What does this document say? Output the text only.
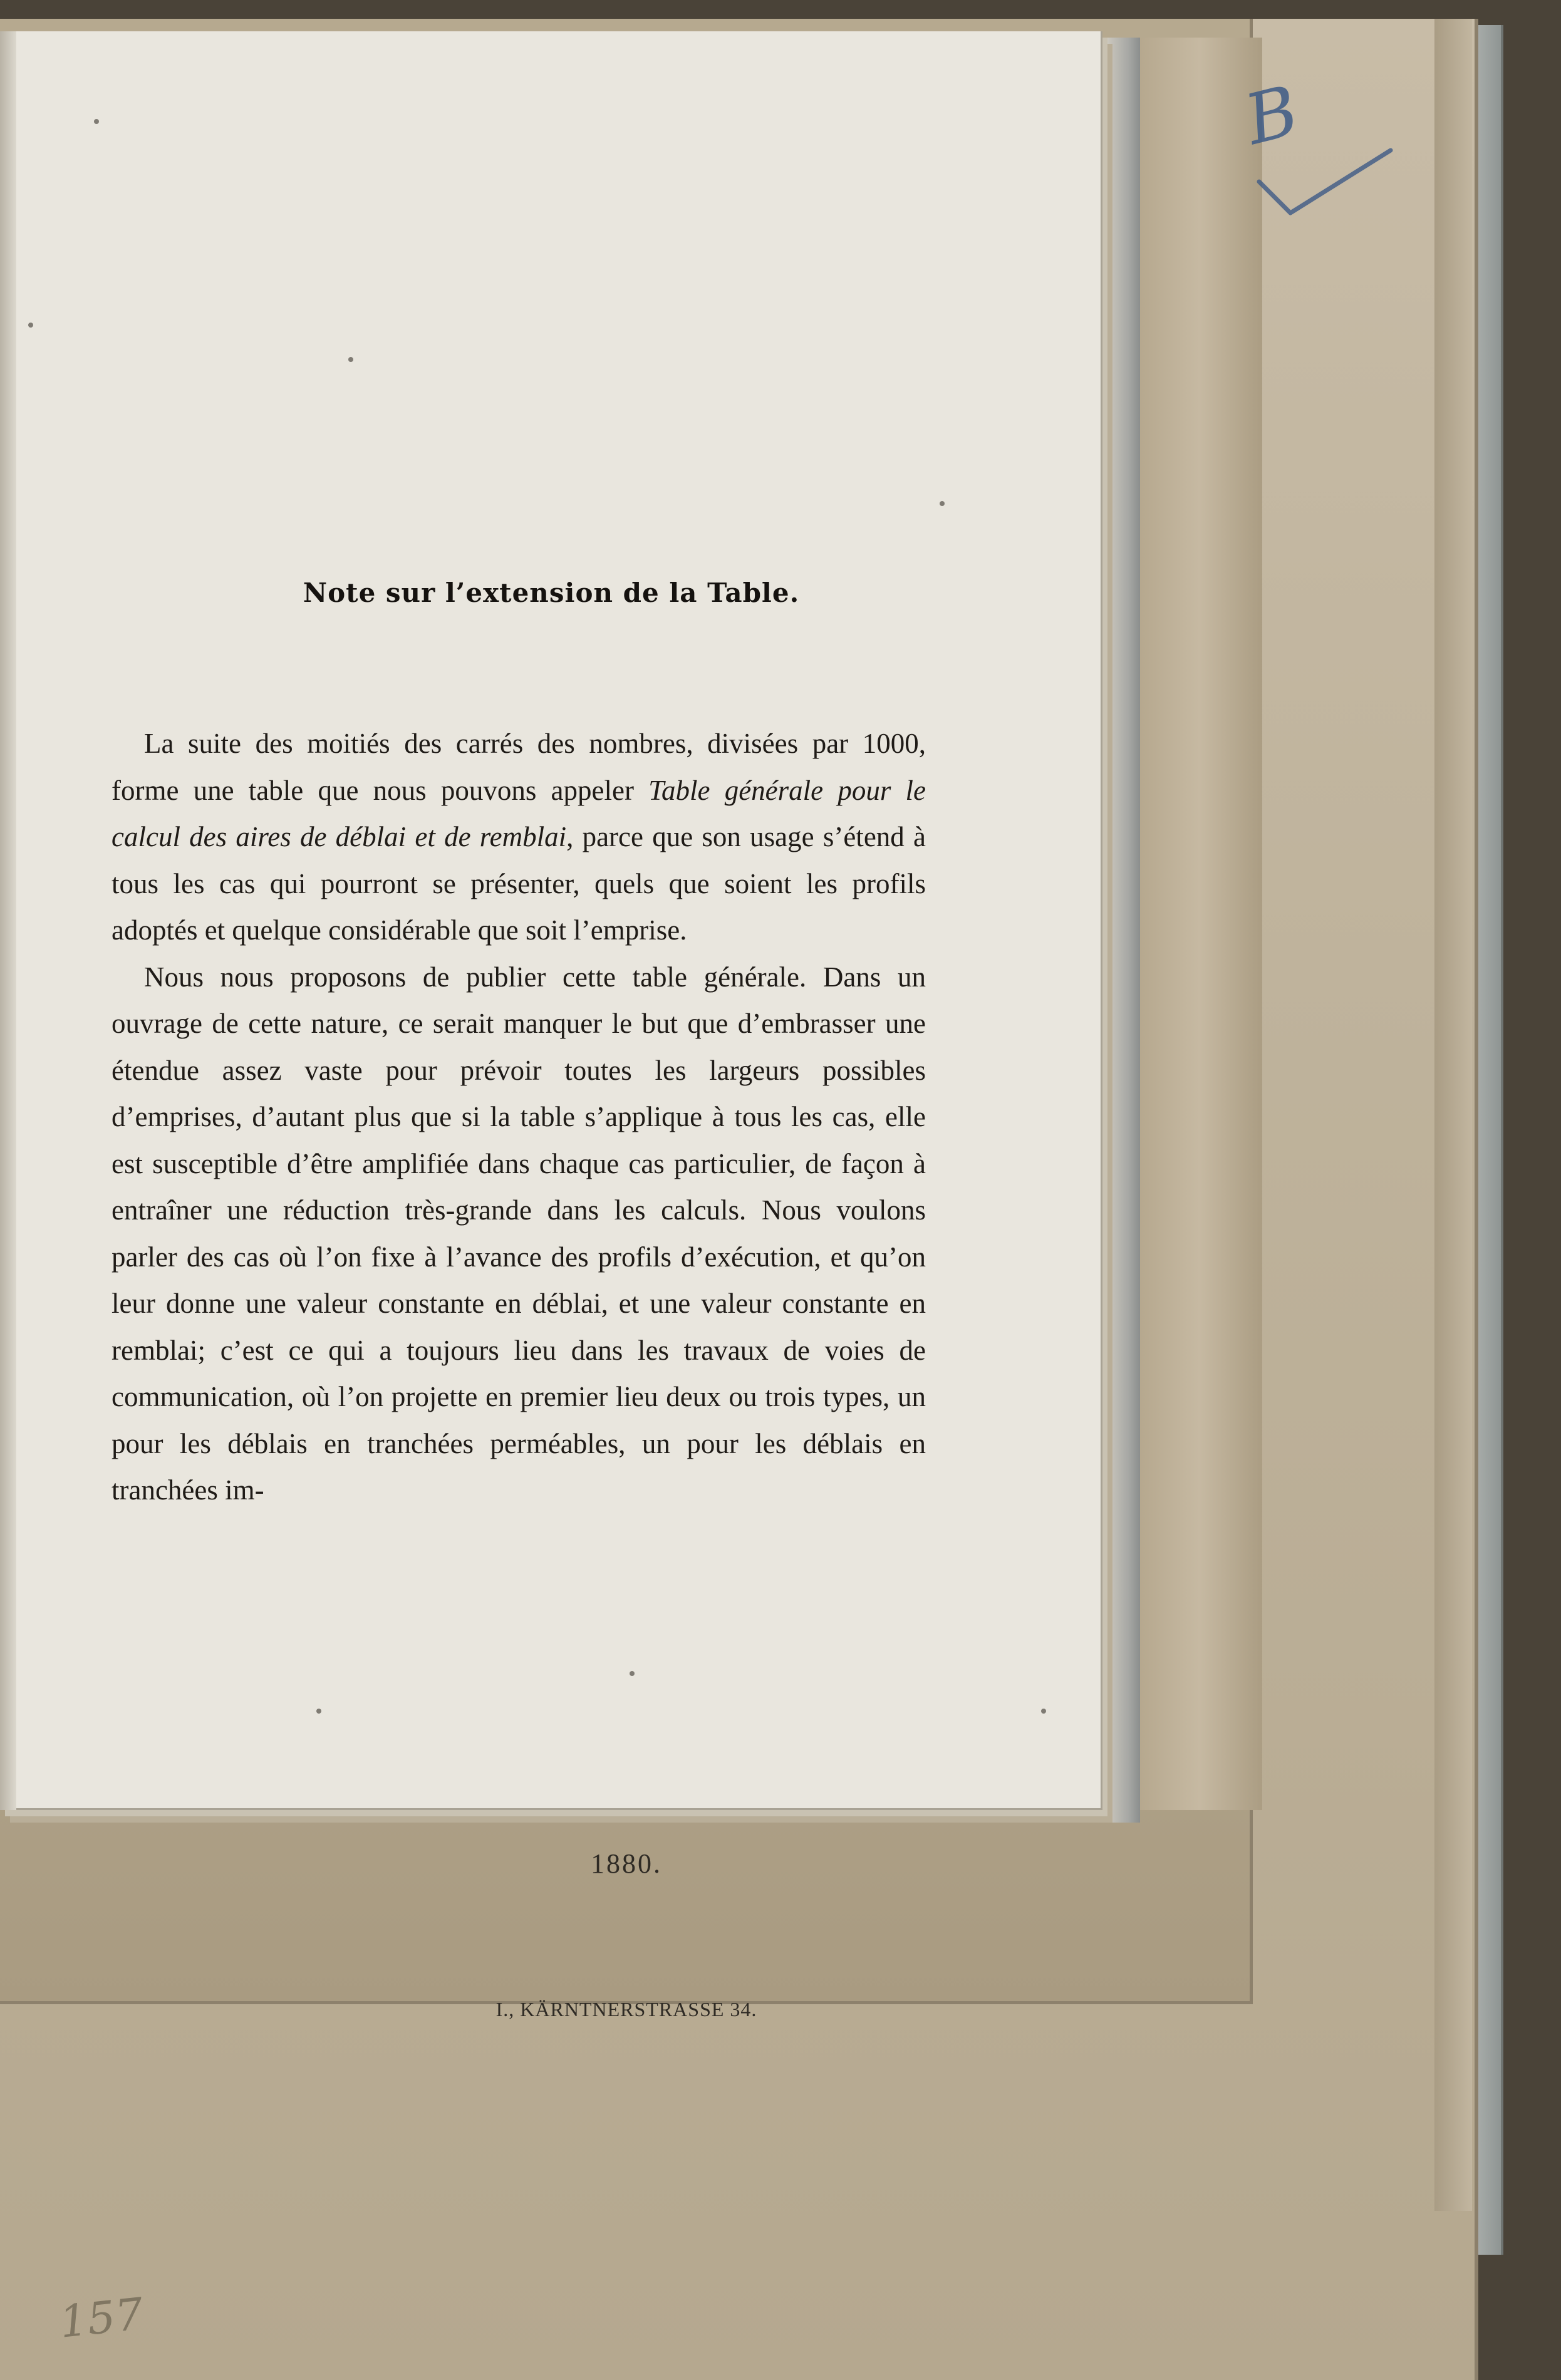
Note sur l’extension de la Table.

La suite des moitiés des carrés des nombres, divisées par 1000, forme une table que nous pouvons appeler Table générale pour le calcul des aires de déblai et de remblai, parce que son usage s’étend à tous les cas qui pourront se présenter, quels que soient les profils adoptés et quelque considérable que soit l’emprise.

Nous nous proposons de publier cette table générale. Dans un ouvrage de cette nature, ce serait manquer le but que d’embrasser une étendue assez vaste pour prévoir toutes les largeurs possibles d’emprises, d’autant plus que si la table s’applique à tous les cas, elle est susceptible d’être amplifiée dans chaque cas particulier, de façon à entraîner une réduction très-grande dans les calculs. Nous voulons parler des cas où l’on fixe à l’avance des profils d’exécution, et qu’on leur donne une valeur constante en déblai, et une valeur constante en remblai; c’est ce qui a toujours lieu dans les travaux de voies de communication, où l’on projette en premier lieu deux ou trois types, un pour les déblais en tranchées perméables, un pour les déblais en tranchées im-

1880.
I., KÄRNTNERSTRASSE 34.
B
157
